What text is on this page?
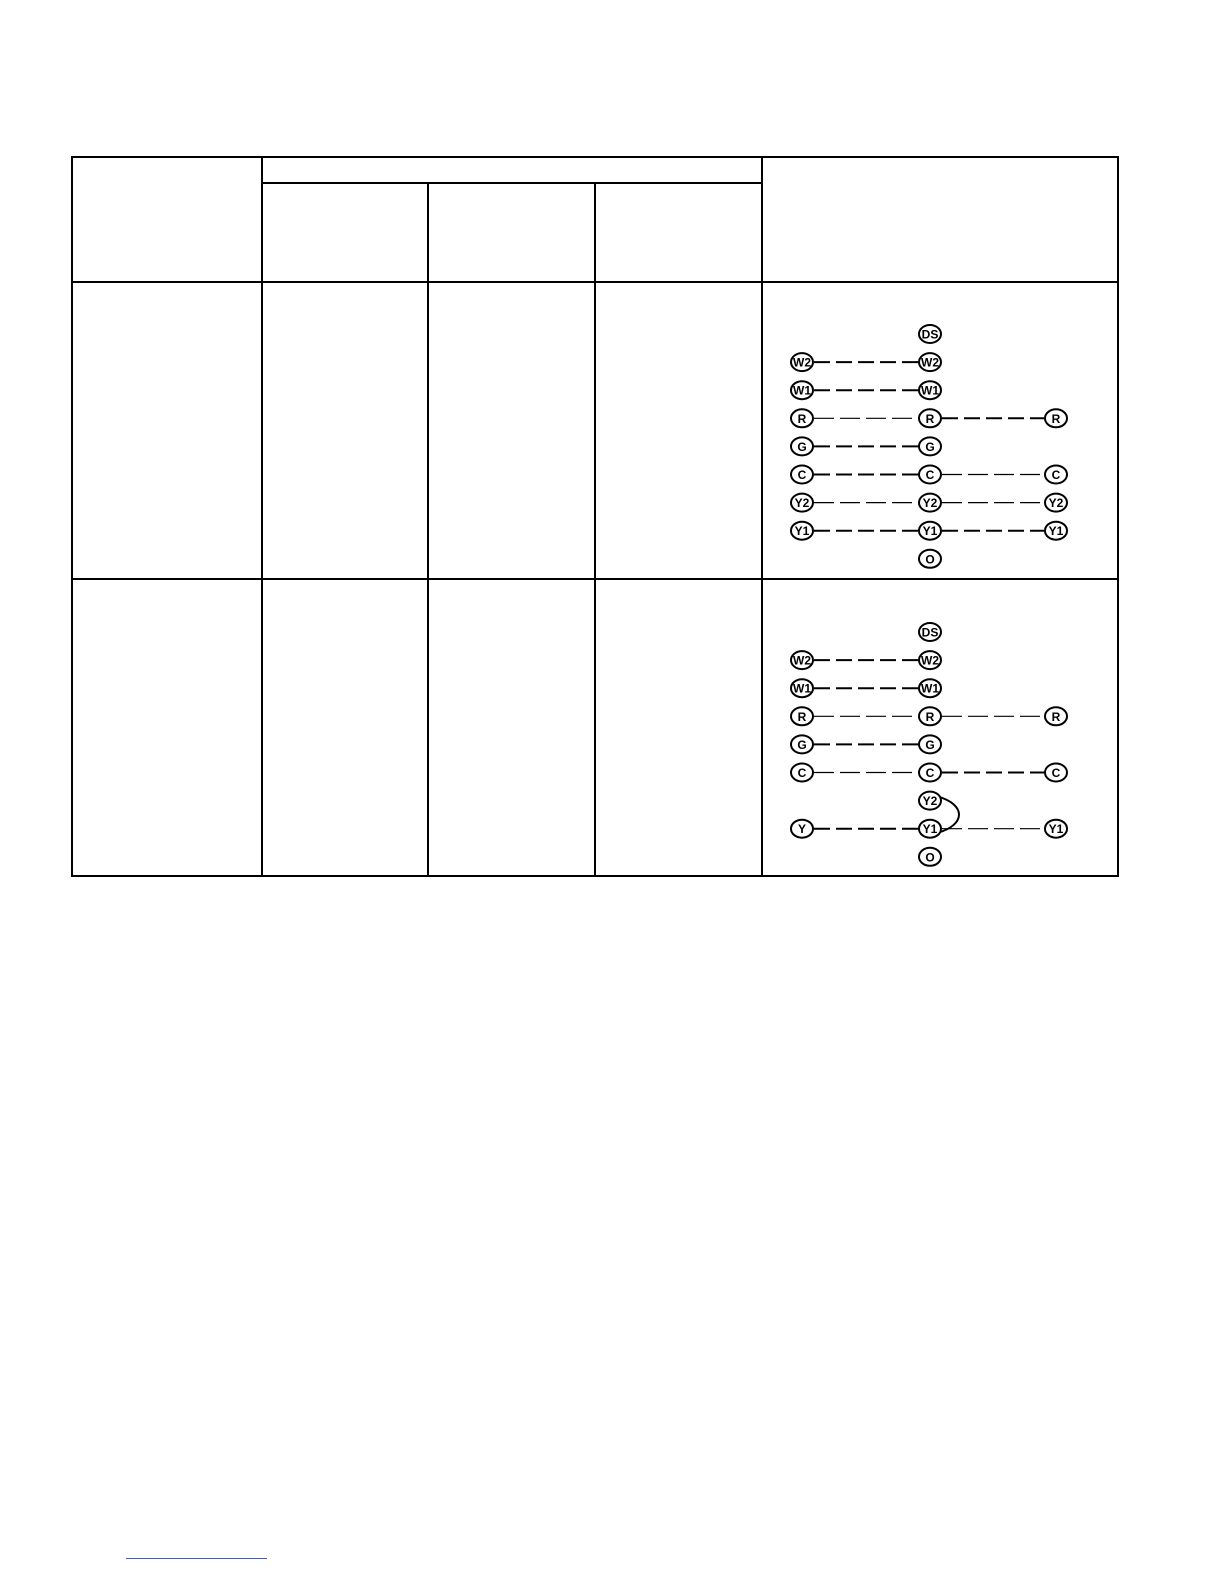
W2
W1
R
G
C
Y2
Y1
R
C
Y2
Y1
DS
W2
W1
R
G
C
Y2
Y1
O
W2
W1
R
G
C
Y
R
C
Y1
DS
W2
W1
R
G
C
Y2
Y1
O
